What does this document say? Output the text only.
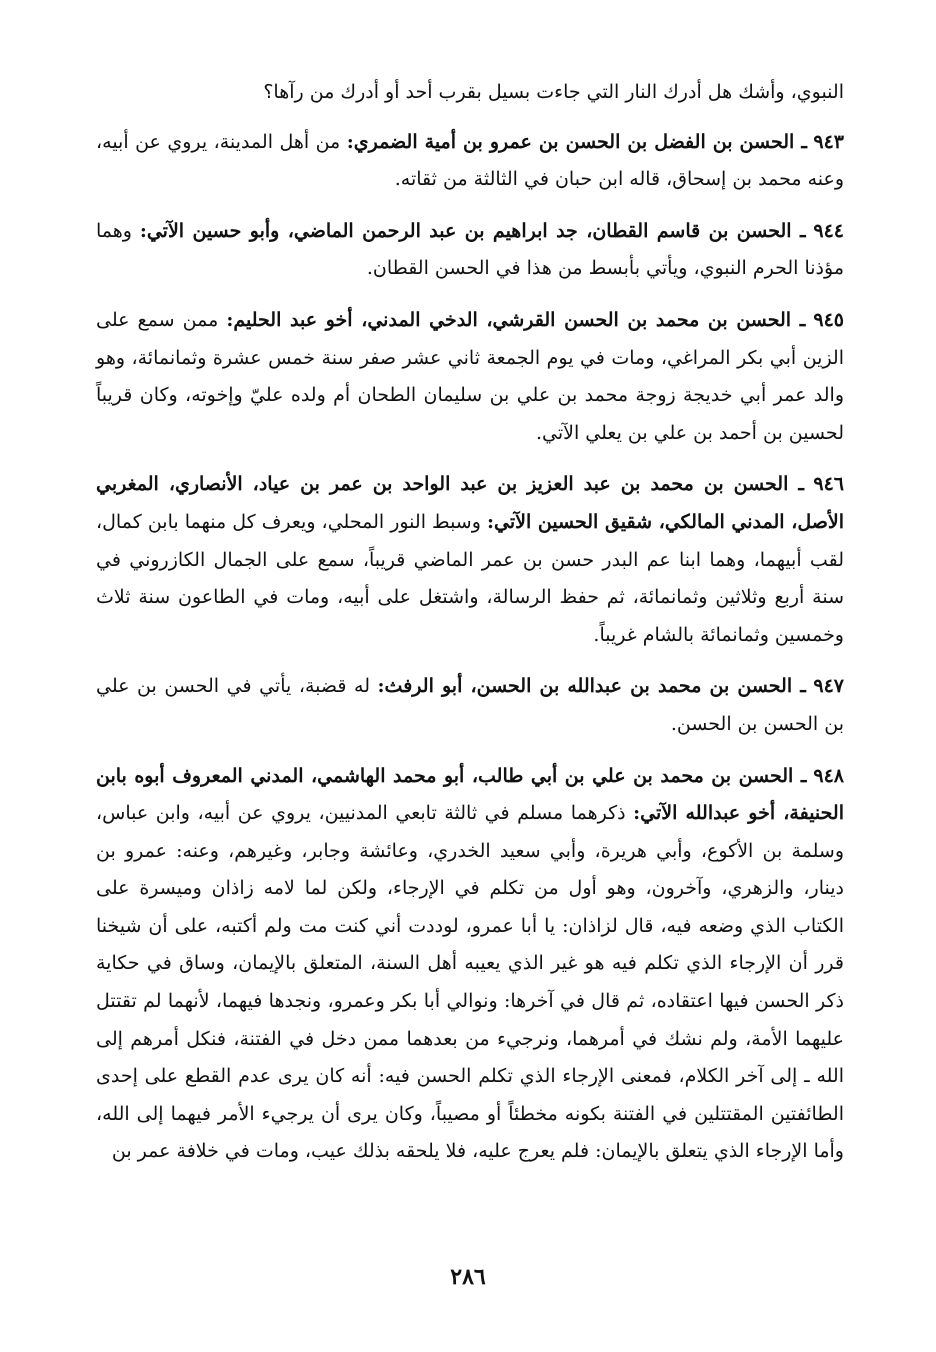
النبوي، وأشك هل أدرك النار التي جاءت بسيل بقرب أحد أو أدرك من رآها؟

٩٤٣ ـ الحسن بن الفضل بن الحسن بن عمرو بن أمية الضمري: من أهل المدينة، يروي عن أبيه، وعنه محمد بن إسحاق، قاله ابن حبان في الثالثة من ثقاته.

٩٤٤ ـ الحسن بن قاسم القطان، جد ابراهيم بن عبد الرحمن الماضي، وأبو حسين الآتي: وهما مؤذنا الحرم النبوي، ويأتي بأبسط من هذا في الحسن القطان.

٩٤٥ ـ الحسن بن محمد بن الحسن القرشي، الدخي المدني، أخو عبد الحليم: ممن سمع على الزين أبي بكر المراغي، ومات في يوم الجمعة ثاني عشر صفر سنة خمس عشرة وثمانمائة، وهو والد عمر أبي خديجة زوجة محمد بن علي بن سليمان الطحان أم ولده عليّ وإخوته، وكان قريباً لحسين بن أحمد بن علي بن يعلي الآتي.

٩٤٦ ـ الحسن بن محمد بن عبد العزيز بن عبد الواحد بن عمر بن عياد، الأنصاري، المغربي الأصل، المدني المالكي، شقيق الحسين الآتي: وسبط النور المحلي، ويعرف كل منهما بابن كمال، لقب أبيهما، وهما ابنا عم البدر حسن بن عمر الماضي قريباً، سمع على الجمال الكازروني في سنة أربع وثلاثين وثمانمائة، ثم حفظ الرسالة، واشتغل على أبيه، ومات في الطاعون سنة ثلاث وخمسين وثمانمائة بالشام غريباً.

٩٤٧ ـ الحسن بن محمد بن عبدالله بن الحسن، أبو الرفث: له قضبة، يأتي في الحسن بن علي بن الحسن بن الحسن.

٩٤٨ ـ الحسن بن محمد بن علي بن أبي طالب، أبو محمد الهاشمي، المدني المعروف أبوه بابن الحنيفة، أخو عبدالله الآتي: ذكرهما مسلم في ثالثة تابعي المدنيين، يروي عن أبيه، وابن عباس، وسلمة بن الأكوع، وأبي هريرة، وأبي سعيد الخدري، وعائشة وجابر، وغيرهم، وعنه: عمرو بن دينار، والزهري، وآخرون، وهو أول من تكلم في الإرجاء، ولكن لما لامه زاذان وميسرة على الكتاب الذي وضعه فيه، قال لزاذان: يا أبا عمرو، لوددت أني كنت مت ولم أكتبه، على أن شيخنا قرر أن الإرجاء الذي تكلم فيه هو غير الذي يعيبه أهل السنة، المتعلق بالإيمان، وساق في حكاية ذكر الحسن فيها اعتقاده، ثم قال في آخرها: ونوالي أبا بكر وعمرو، ونجدها فيهما، لأنهما لم تقتتل عليهما الأمة، ولم نشك في أمرهما، ونرجيء من بعدهما ممن دخل في الفتنة، فنكل أمرهم إلى الله ـ إلى آخر الكلام، فمعنى الإرجاء الذي تكلم الحسن فيه: أنه كان يرى عدم القطع على إحدى الطائفتين المقتتلين في الفتنة بكونه مخطئاً أو مصيباً، وكان يرى أن يرجيء الأمر فيهما إلى الله، وأما الإرجاء الذي يتعلق بالإيمان: فلم يعرج عليه، فلا يلحقه بذلك عيب، ومات في خلافة عمر بن

٢٨٦
